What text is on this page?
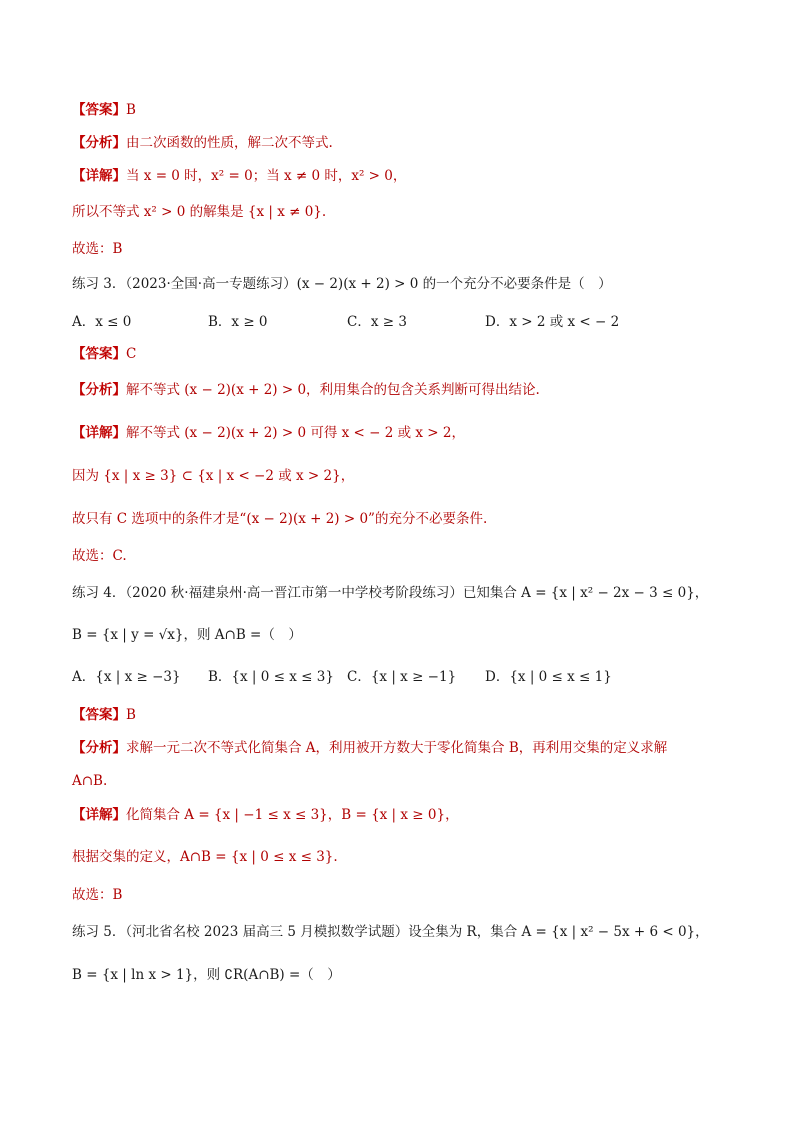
【答案】B
【分析】由二次函数的性质，解二次不等式.
【详解】当 x = 0 时，x² = 0；当 x ≠ 0 时，x² > 0，
所以不等式 x² > 0 的解集是 {x | x ≠ 0}.
故选：B
练习 3．（2023·全国·高一专题练习）(x − 2)(x + 2) > 0 的一个充分不必要条件是（　）
A．x ≤ 0	B．x ≥ 0	C．x ≥ 3	D．x > 2 或 x < − 2
【答案】C
【分析】解不等式 (x − 2)(x + 2) > 0，利用集合的包含关系判断可得出结论.
【详解】解不等式 (x − 2)(x + 2) > 0 可得 x < − 2 或 x > 2，
因为 {x | x ≥ 3} ⊂ {x | x < −2 或 x > 2}，
故只有 C 选项中的条件才是“(x − 2)(x + 2) > 0”的充分不必要条件.
故选：C.
练习 4．（2020 秋·福建泉州·高一晋江市第一中学校考阶段练习）已知集合 A = {x | x² − 2x − 3 ≤ 0}，
B = {x | y = √x}，则 A∩B =（　）
A．{x | x ≥ −3} B．{x | 0 ≤ x ≤ 3} C．{x | x ≥ −1} D．{x | 0 ≤ x ≤ 1}
【答案】B
【分析】求解一元二次不等式化简集合 A，利用被开方数大于零化简集合 B，再利用交集的定义求解
A∩B.
【详解】化简集合 A = {x | −1 ≤ x ≤ 3}，B = {x | x ≥ 0}，
根据交集的定义，A∩B = {x | 0 ≤ x ≤ 3}.
故选：B
练习 5．（河北省名校 2023 届高三 5 月模拟数学试题）设全集为 R，集合 A = {x | x² − 5x + 6 < 0}，
B = {x | ln x > 1}，则 ∁R(A∩B) =（　）
